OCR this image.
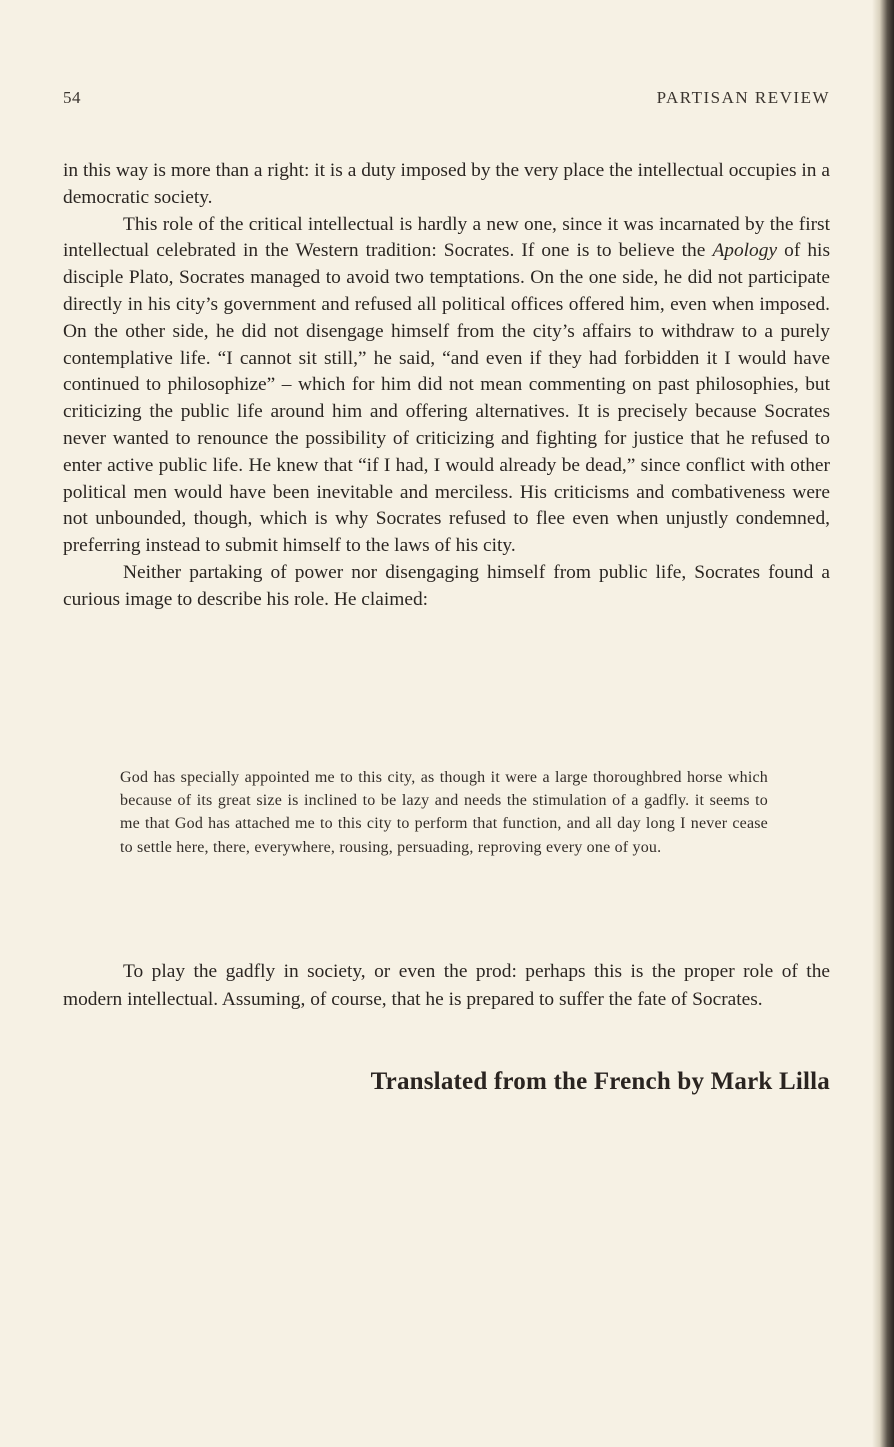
54	PARTISAN REVIEW

in this way is more than a right: it is a duty imposed by the very place the intellectual occupies in a democratic society.

This role of the critical intellectual is hardly a new one, since it was incarnated by the first intellectual celebrated in the Western tradition: Socrates. If one is to believe the Apology of his disciple Plato, Socrates managed to avoid two temptations. On the one side, he did not participate directly in his city’s government and refused all political offices offered him, even when imposed. On the other side, he did not disengage himself from the city’s affairs to withdraw to a purely contemplative life. “I cannot sit still,” he said, “and even if they had forbidden it I would have continued to philosophize” – which for him did not mean commenting on past philosophies, but criticizing the public life around him and offering alternatives. It is precisely because Socrates never wanted to renounce the possibility of criticizing and fighting for justice that he refused to enter active public life. He knew that “if I had, I would already be dead,” since conflict with other political men would have been inevitable and merciless. His criticisms and combativeness were not unbounded, though, which is why Socrates refused to flee even when unjustly condemned, preferring instead to submit himself to the laws of his city.

Neither partaking of power nor disengaging himself from public life, Socrates found a curious image to describe his role. He claimed:

God has specially appointed me to this city, as though it were a large thoroughbred horse which because of its great size is inclined to be lazy and needs the stimulation of a gadfly. it seems to me that God has attached me to this city to perform that function, and all day long I never cease to settle here, there, everywhere, rousing, persuading, reproving every one of you.

To play the gadfly in society, or even the prod: perhaps this is the proper role of the modern intellectual. Assuming, of course, that he is prepared to suffer the fate of Socrates.

Translated from the French by Mark Lilla
